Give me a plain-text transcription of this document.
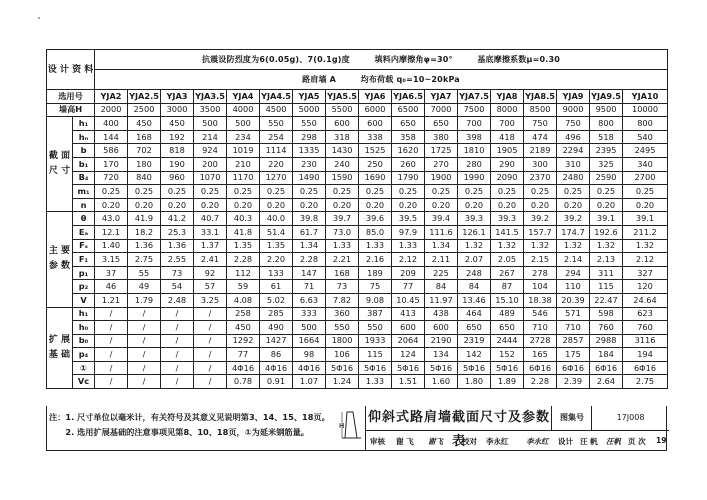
设 计 资 料		抗震设防烈度为6(0.05g)、7(0.1g)度　　　填料内摩擦角φ=30°　　　基底摩擦系数μ=0.30																
		路肩墙 A　　　均布荷载 q₀=10~20kPa																
选用号		YJA2	YJA2.5	YJA3	YJA3.5	YJA4	YJA4.5	YJA5	YJA5.5	YJA6	YJA6.5	YJA7	YJA7.5	YJA8	YJA8.5	YJA9	YJA9.5	YJA10
墙高H		2000	2500	3000	3500	4000	4500	5000	5500	6000	6500	7000	7500	8000	8500	9000	9500	10000
截 面 尺 寸	h₁	400	450	450	500	500	550	550	600	600	650	650	700	700	750	750	800	800
	hₙ	144	168	192	214	234	254	298	318	338	358	380	398	418	474	496	518	540
	b	586	702	818	924	1019	1114	1335	1430	1525	1620	1725	1810	1905	2189	2294	2395	2495
	b₁	170	180	190	200	210	220	230	240	250	260	270	280	290	300	310	325	340
	B₄	720	840	960	1070	1170	1270	1490	1590	1690	1790	1900	1990	2090	2370	2480	2590	2700
	m₁	0.25	0.25	0.25	0.25	0.25	0.25	0.25	0.25	0.25	0.25	0.25	0.25	0.25	0.25	0.25	0.25	0.25
	n	0.20	0.20	0.20	0.20	0.20	0.20	0.20	0.20	0.20	0.20	0.20	0.20	0.20	0.20	0.20	0.20	0.20
主 要 参 数	θ	43.0	41.9	41.2	40.7	40.3	40.0	39.8	39.7	39.6	39.5	39.4	39.3	39.3	39.2	39.2	39.1	39.1
	Eₐ	12.1	18.2	25.3	33.1	41.8	51.4	61.7	73.0	85.0	97.9	111.6	126.1	141.5	157.7	174.7	192.6	211.2
	Fₛ	1.40	1.36	1.36	1.37	1.35	1.35	1.34	1.33	1.33	1.33	1.34	1.32	1.32	1.32	1.32	1.32	1.32
	F₁	3.15	2.75	2.55	2.41	2.28	2.20	2.28	2.21	2.16	2.12	2.11	2.07	2.05	2.15	2.14	2.13	2.12
	p₁	37	55	73	92	112	133	147	168	189	209	225	248	267	278	294	311	327
	p₂	46	49	54	57	59	61	71	73	75	77	84	84	87	104	110	115	120
	V	1.21	1.79	2.48	3.25	4.08	5.02	6.63	7.82	9.08	10.45	11.97	13.46	15.10	18.38	20.39	22.47	24.64
扩 展 基 础	h₁	/	/	/	/	258	285	333	360	387	413	438	464	489	546	571	598	623
	h₀	/	/	/	/	450	490	500	550	550	600	600	650	650	710	710	760	760
	b₀	/	/	/	/	1292	1427	1664	1800	1933	2064	2190	2319	2444	2728	2857	2988	3116
	p₄	/	/	/	/	77	86	98	106	115	124	134	142	152	165	175	184	194
	①	/	/	/	/	4Φ16	4Φ16	4Φ16	5Φ16	5Φ16	5Φ16	5Φ16	5Φ16	5Φ16	6Φ16	6Φ16	6Φ16	6Φ16
	Vc	/	/	/	/	0.78	0.91	1.07	1.24	1.33	1.51	1.60	1.80	1.89	2.28	2.39	2.64	2.75
注：1. 尺寸单位以毫米计，有关符号及其意义见说明第3、14、15、18页。
　　2. 选用扩展基础的注意事项见第8、10、18页，①为延米钢筋量。
H
仰斜式路肩墙截面尺寸及参数表
图集号	17J008
审核 谢 飞 谢飞	校对 李永红 李永红 设计 汪 帆 汪帆 页 次 19
